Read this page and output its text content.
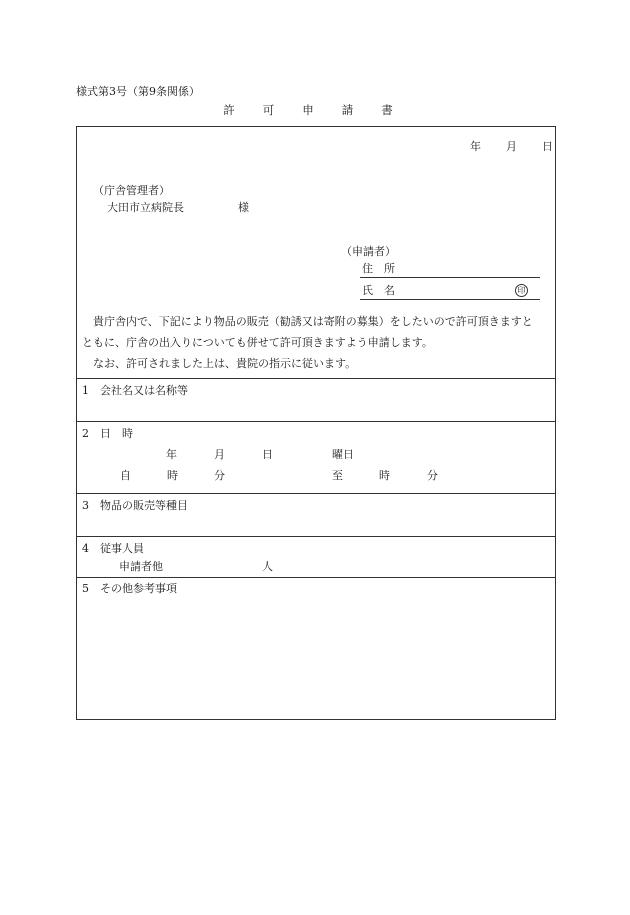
様式第3号（第9条関係）
許 可 申 請 書
年 月 日
（庁舎管理者）
大田市立病院長	様
（申請者）
住　所
氏　名	印

貴庁舎内で、下記により物品の販売（勧誘又は寄附の募集）をしたいので許可頂きますと

ともに、庁舎の出入りについても併せて許可頂きますよう申請します。

なお、許可されました上は、貴院の指示に従います。

1　会社名又は名称等
2　日　時
年	月	日	曜日
自	時	分	至	時	分
3　物品の販売等種目
4　従事人員
申請者他	人
5　その他参考事項
